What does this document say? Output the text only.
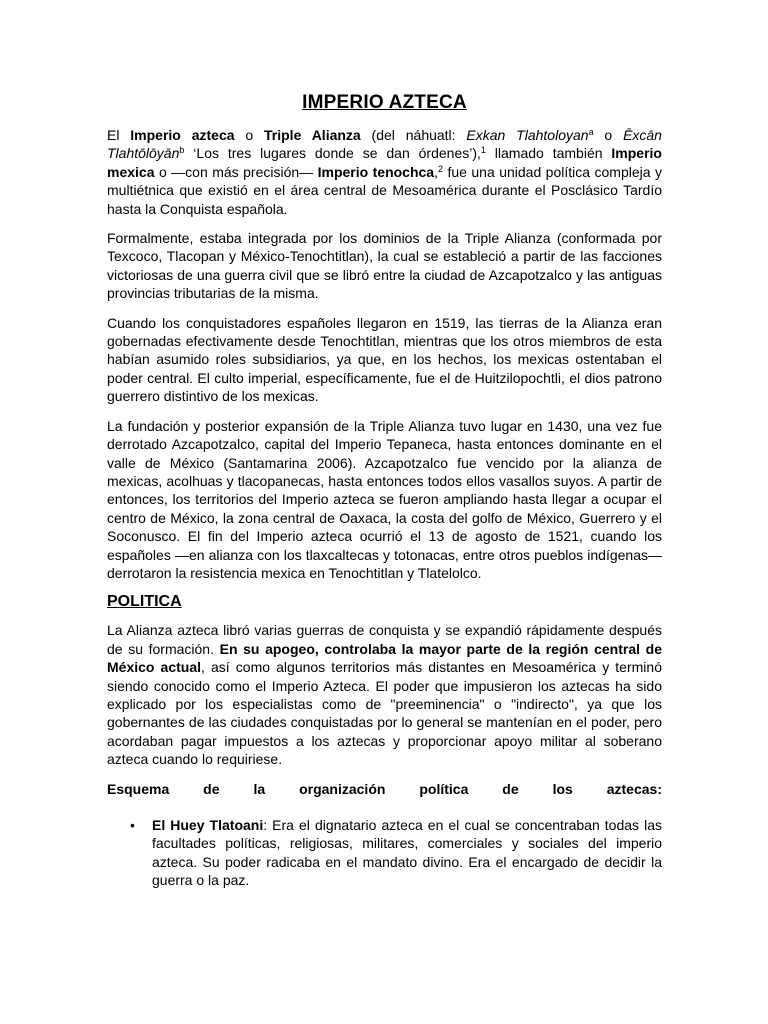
IMPERIO AZTECA

El Imperio azteca o Triple Alianza (del náhuatl: Exkan Tlahtoloyan$^a$ o Ēxcān Tlahtōlōyān$^b$ ‘Los tres lugares donde se dan órdenes’),$^1$ llamado también Imperio mexica o —con más precisión— Imperio tenochca,$^2$ fue una unidad política compleja y multiétnica que existió en el área central de Mesoamérica durante el Posclásico Tardío hasta la Conquista española.

Formalmente, estaba integrada por los dominios de la Triple Alianza (conformada por Texcoco, Tlacopan y México-Tenochtitlan), la cual se estableció a partir de las facciones victoriosas de una guerra civil que se libró entre la ciudad de Azcapotzalco y las antiguas provincias tributarias de la misma.

Cuando los conquistadores españoles llegaron en 1519, las tierras de la Alianza eran gobernadas efectivamente desde Tenochtitlan, mientras que los otros miembros de esta habían asumido roles subsidiarios, ya que, en los hechos, los mexicas ostentaban el poder central. El culto imperial, específicamente, fue el de Huitzilopochtli, el dios patrono guerrero distintivo de los mexicas.

La fundación y posterior expansión de la Triple Alianza tuvo lugar en 1430, una vez fue derrotado Azcapotzalco, capital del Imperio Tepaneca, hasta entonces dominante en el valle de México (Santamarina 2006). Azcapotzalco fue vencido por la alianza de mexicas, acolhuas y tlacopanecas, hasta entonces todos ellos vasallos suyos. A partir de entonces, los territorios del Imperio azteca se fueron ampliando hasta llegar a ocupar el centro de México, la zona central de Oaxaca, la costa del golfo de México, Guerrero y el Soconusco. El fin del Imperio azteca ocurrió el 13 de agosto de 1521, cuando los españoles —en alianza con los tlaxcaltecas y totonacas, entre otros pueblos indígenas— derrotaron la resistencia mexica en Tenochtitlan y Tlatelolco.

POLITICA

La Alianza azteca libró varias guerras de conquista y se expandió rápidamente después de su formación. En su apogeo, controlaba la mayor parte de la región central de México actual, así como algunos territorios más distantes en Mesoamérica y terminó siendo conocido como el Imperio Azteca. El poder que impusieron los aztecas ha sido explicado por los especialistas como de "preeminencia" o "indirecto", ya que los gobernantes de las ciudades conquistadas por lo general se mantenían en el poder, pero acordaban pagar impuestos a los aztecas y proporcionar apoyo militar al soberano azteca cuando lo requiriese.

Esquema de la organización política de los aztecas:
• El Huey Tlatoani: Era el dignatario azteca en el cual se concentraban todas las facultades políticas, religiosas, militares, comerciales y sociales del imperio azteca. Su poder radicaba en el mandato divino. Era el encargado de decidir la guerra o la paz.
